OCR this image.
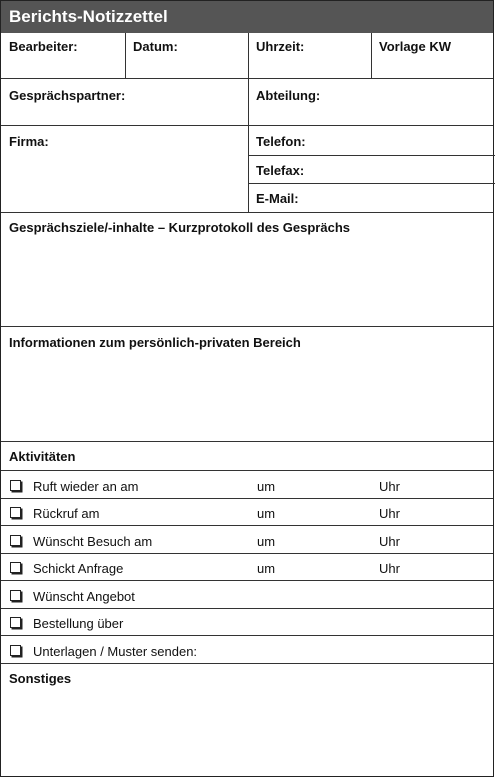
Berichts-Notizzettel
Bearbeiter:	Datum:	Uhrzeit:	Vorlage KW
Gesprächspartner:	Abteilung:
Firma:	Telefon:
Telefax:
E-Mail:
Gesprächsziele/-inhalte – Kurzprotokoll des Gesprächs
Informationen zum persönlich-privaten Bereich
Aktivitäten
Ruft wieder an am	um	Uhr
Rückruf am	um	Uhr
Wünscht Besuch am	um	Uhr
Schickt Anfrage	um	Uhr
Wünscht Angebot
Bestellung über
Unterlagen / Muster senden:
Sonstiges
